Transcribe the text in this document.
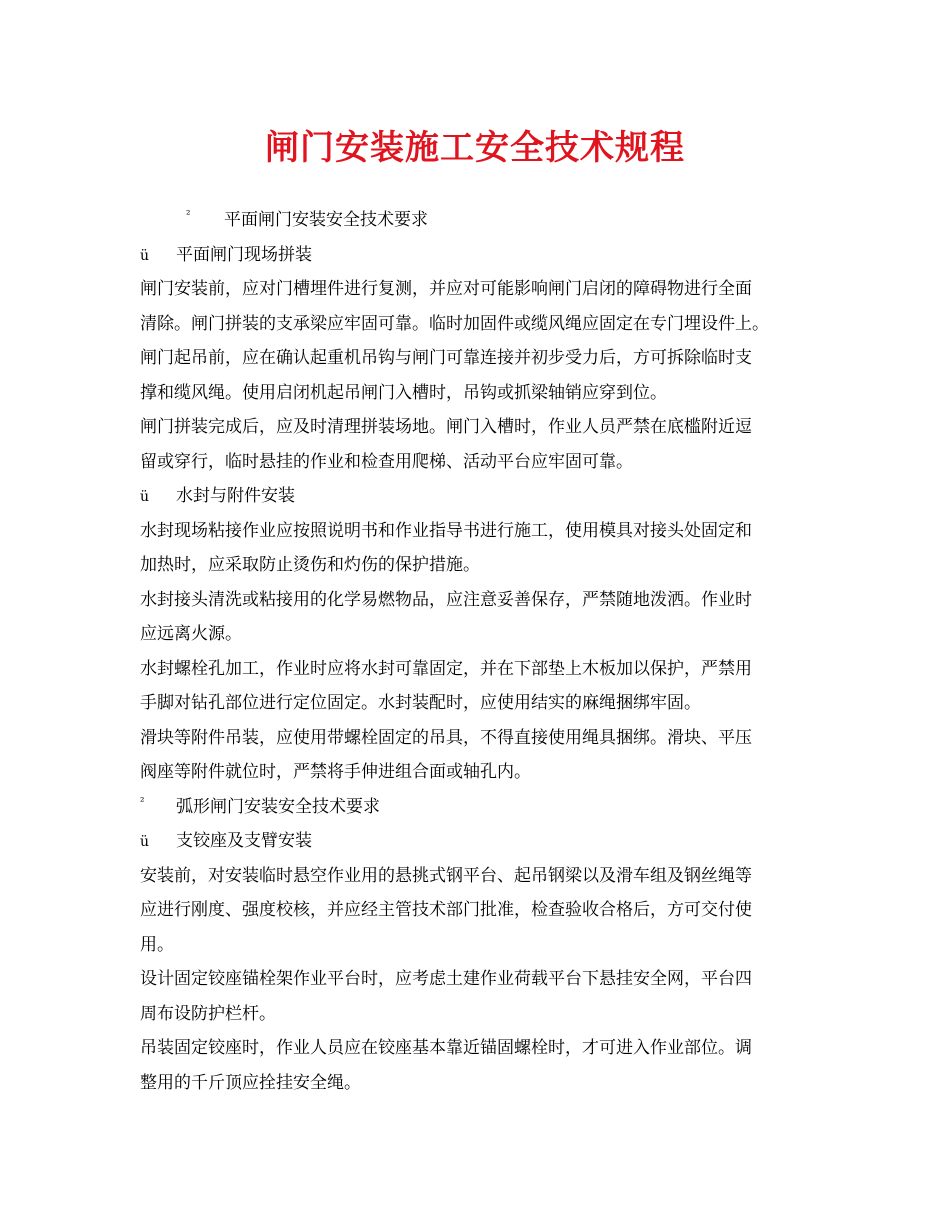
闸门安装施工安全技术规程
² 平面闸门安装安全技术要求
ü 平面闸门现场拼装
闸门安装前，应对门槽埋件进行复测，并应对可能影响闸门启闭的障碍物进行全面
清除。闸门拼装的支承梁应牢固可靠。临时加固件或缆风绳应固定在专门埋设件上。
闸门起吊前，应在确认起重机吊钩与闸门可靠连接并初步受力后，方可拆除临时支
撑和缆风绳。使用启闭机起吊闸门入槽时，吊钩或抓梁轴销应穿到位。
闸门拼装完成后，应及时清理拼装场地。闸门入槽时，作业人员严禁在底槛附近逗
留或穿行，临时悬挂的作业和检查用爬梯、活动平台应牢固可靠。
ü 水封与附件安装
水封现场粘接作业应按照说明书和作业指导书进行施工，使用模具对接头处固定和
加热时，应采取防止烫伤和灼伤的保护措施。
水封接头清洗或粘接用的化学易燃物品，应注意妥善保存，严禁随地泼洒。作业时
应远离火源。
水封螺栓孔加工，作业时应将水封可靠固定，并在下部垫上木板加以保护，严禁用
手脚对钻孔部位进行定位固定。水封装配时，应使用结实的麻绳捆绑牢固。
滑块等附件吊装，应使用带螺栓固定的吊具，不得直接使用绳具捆绑。滑块、平压
阀座等附件就位时，严禁将手伸进组合面或轴孔内。
² 弧形闸门安装安全技术要求
ü 支铰座及支臂安装
安装前，对安装临时悬空作业用的悬挑式钢平台、起吊钢梁以及滑车组及钢丝绳等
应进行刚度、强度校核，并应经主管技术部门批准，检查验收合格后，方可交付使
用。
设计固定铰座锚栓架作业平台时，应考虑土建作业荷载平台下悬挂安全网，平台四
周布设防护栏杆。
吊装固定铰座时，作业人员应在铰座基本靠近锚固螺栓时，才可进入作业部位。调
整用的千斤顶应拴挂安全绳。
